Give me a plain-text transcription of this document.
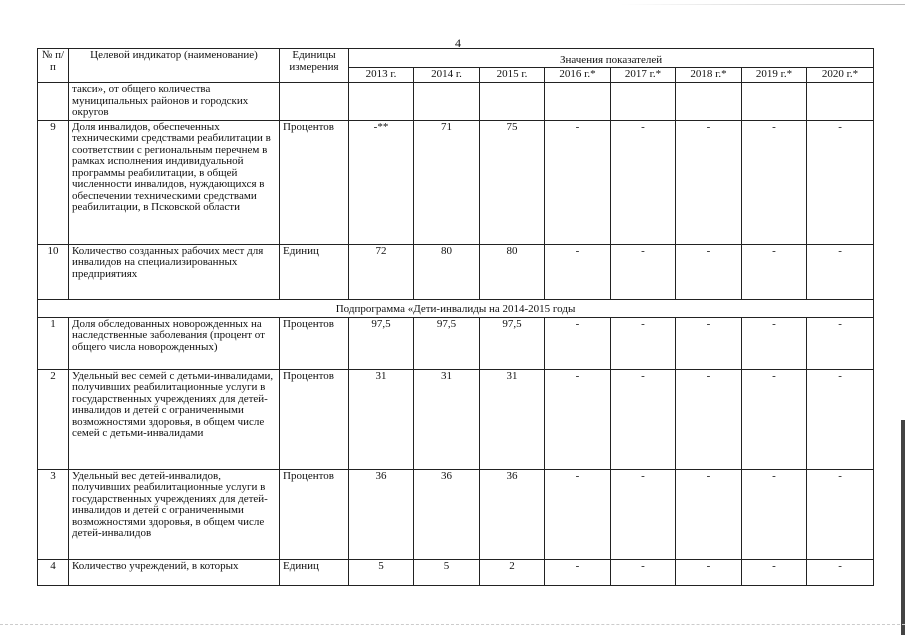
4
№ п/п	Целевой индикатор (наименование)	Единицы измерения	Значения показателей							
			2013 г.	2014 г.	2015 г.	2016 г.*	2017 г.*	2018 г.*	2019 г.*	2020 г.*
	такси», от общего количества муниципальных районов и городских округов									
9	Доля инвалидов, обеспеченных техническими средствами реабилитации в соответствии с региональным перечнем в рамках исполнения индивидуальной программы реабилитации, в общей численности инвалидов, нуждающихся в обеспечении техническими средствами реабилитации, в Псковской области	Процентов	-**	71	75	-	-	-	-	-
10	Количество созданных рабочих мест для инвалидов на специализированных предприятиях	Единиц	72	80	80	-	-	-	-	-
Подпрограмма «Дети-инвалиды на 2014-2015 годы										
1	Доля обследованных новорожденных на наследственные заболевания (процент от общего числа новорожденных)	Процентов	97,5	97,5	97,5	-	-	-	-	-
2	Удельный вес семей с детьми-инвалидами, получивших реабилитационные услуги в государственных учреждениях для детей-инвалидов и детей с ограниченными возможностями здоровья, в общем числе семей с детьми-инвалидами	Процентов	31	31	31	-	-	-	-	-
3	Удельный вес детей-инвалидов, получивших реабилитационные услуги в государственных учреждениях для детей-инвалидов и детей с ограниченными возможностями здоровья, в общем числе детей-инвалидов	Процентов	36	36	36	-	-	-	-	-
4	Количество учреждений, в которых	Единиц	5	5	2	-	-	-	-	-
